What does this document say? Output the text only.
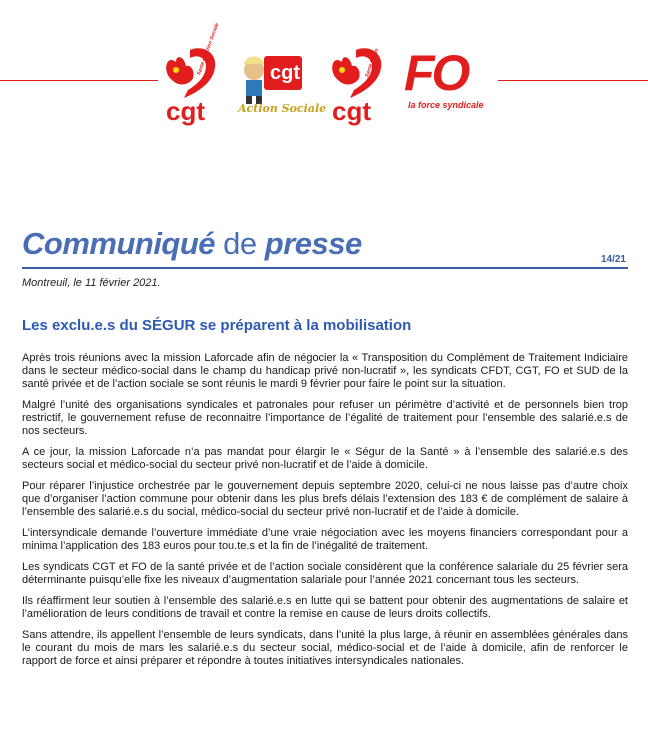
cgt
Santé et Action Sociale cgt
Action Sociale cgt
Santé Privée FO
la force syndicale
Communiqué de presse	14/21
Montreuil, le 11 février 2021.
Les exclu.e.s du SÉGUR se préparent à la mobilisation

Après trois réunions avec la mission Laforcade afin de négocier la « Transposition du Complément de Traitement Indiciaire dans le secteur médico-social dans le champ du handicap privé non-lucratif », les syndicats CFDT, CGT, FO et SUD de la santé privée et de l’action sociale se sont réunis le mardi 9 février pour faire le point sur la situation.

Malgré l’unité des organisations syndicales et patronales pour refuser un périmètre d’activité et de personnels bien trop restrictif, le gouvernement refuse de reconnaitre l’importance de l’égalité de traitement pour l’ensemble des salarié.e.s de nos secteurs.

A ce jour, la mission Laforcade n’a pas mandat pour élargir le « Ségur de la Santé » à l’ensemble des salarié.e.s des secteurs social et médico-social du secteur privé non-lucratif et de l’aide à domicile.

Pour réparer l’injustice orchestrée par le gouvernement depuis septembre 2020, celui-ci ne nous laisse pas d’autre choix que d’organiser l’action commune pour obtenir dans les plus brefs délais l’extension des 183 € de complément de salaire à l’ensemble des salarié.e.s du social, médico-social du secteur privé non-lucratif et de l’aide à domicile.

L’intersyndicale demande l’ouverture immédiate d’une vraie négociation avec les moyens financiers correspondant pour a minima l’application des 183 euros pour tou.te.s et la fin de l’inégalité de traitement.

Les syndicats CGT et FO de la santé privée et de l’action sociale considèrent que la conférence salariale du 25 février sera déterminante puisqu’elle fixe les niveaux d’augmentation salariale pour l’année 2021 concernant tous les secteurs.

Ils réaffirment leur soutien à l’ensemble des salarié.e.s en lutte qui se battent pour obtenir des augmentations de salaire et l’amélioration de leurs conditions de travail et contre la remise en cause de leurs droits collectifs.

Sans attendre, ils appellent l’ensemble de leurs syndicats, dans l’unité la plus large, à réunir en assemblées générales dans le courant du mois de mars les salarié.e.s du secteur social, médico-social et de l’aide à domicile, afin de renforcer le rapport de force et ainsi préparer et répondre à toutes initiatives intersyndicales nationales.
